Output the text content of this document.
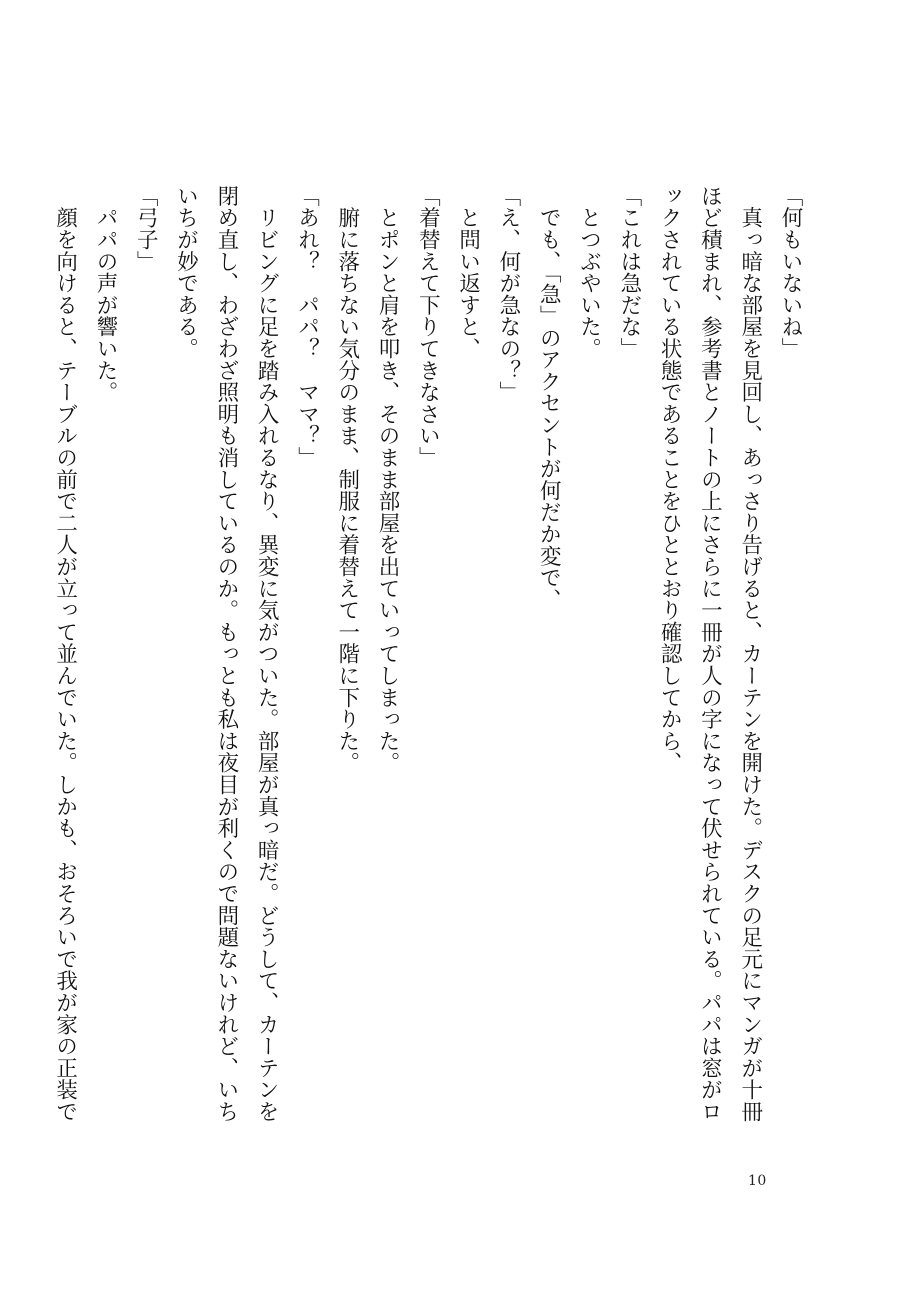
「何もいないね」
　真っ暗な部屋を見回し、あっさり告げると、カーテンを開けた。デスクの足元にマンガが十冊
ほど積まれ、参考書とノートの上にさらに一冊が人の字になって伏せられている。パパは窓がロ
ックされている状態であることをひととおり確認してから、
「これは急だな」
　とつぶやいた。
　でも、「急」のアクセントが何だか変で、
「え、何が急なの？」
　と問い返すと、
「着替えて下りてきなさい」
　とポンと肩を叩き、そのまま部屋を出ていってしまった。
　腑に落ちない気分のまま、制服に着替えて一階に下りた。
「あれ？　パパ？　ママ？」
　リビングに足を踏み入れるなり、異変に気がついた。部屋が真っ暗だ。どうして、カーテンを
閉め直し、わざわざ照明も消しているのか。もっとも私は夜目が利くので問題ないけれど、いち
いちが妙である。
「弓子」
　パパの声が響いた。
　顔を向けると、テーブルの前で二人が立って並んでいた。しかも、おそろいで我が家の正装で
10
